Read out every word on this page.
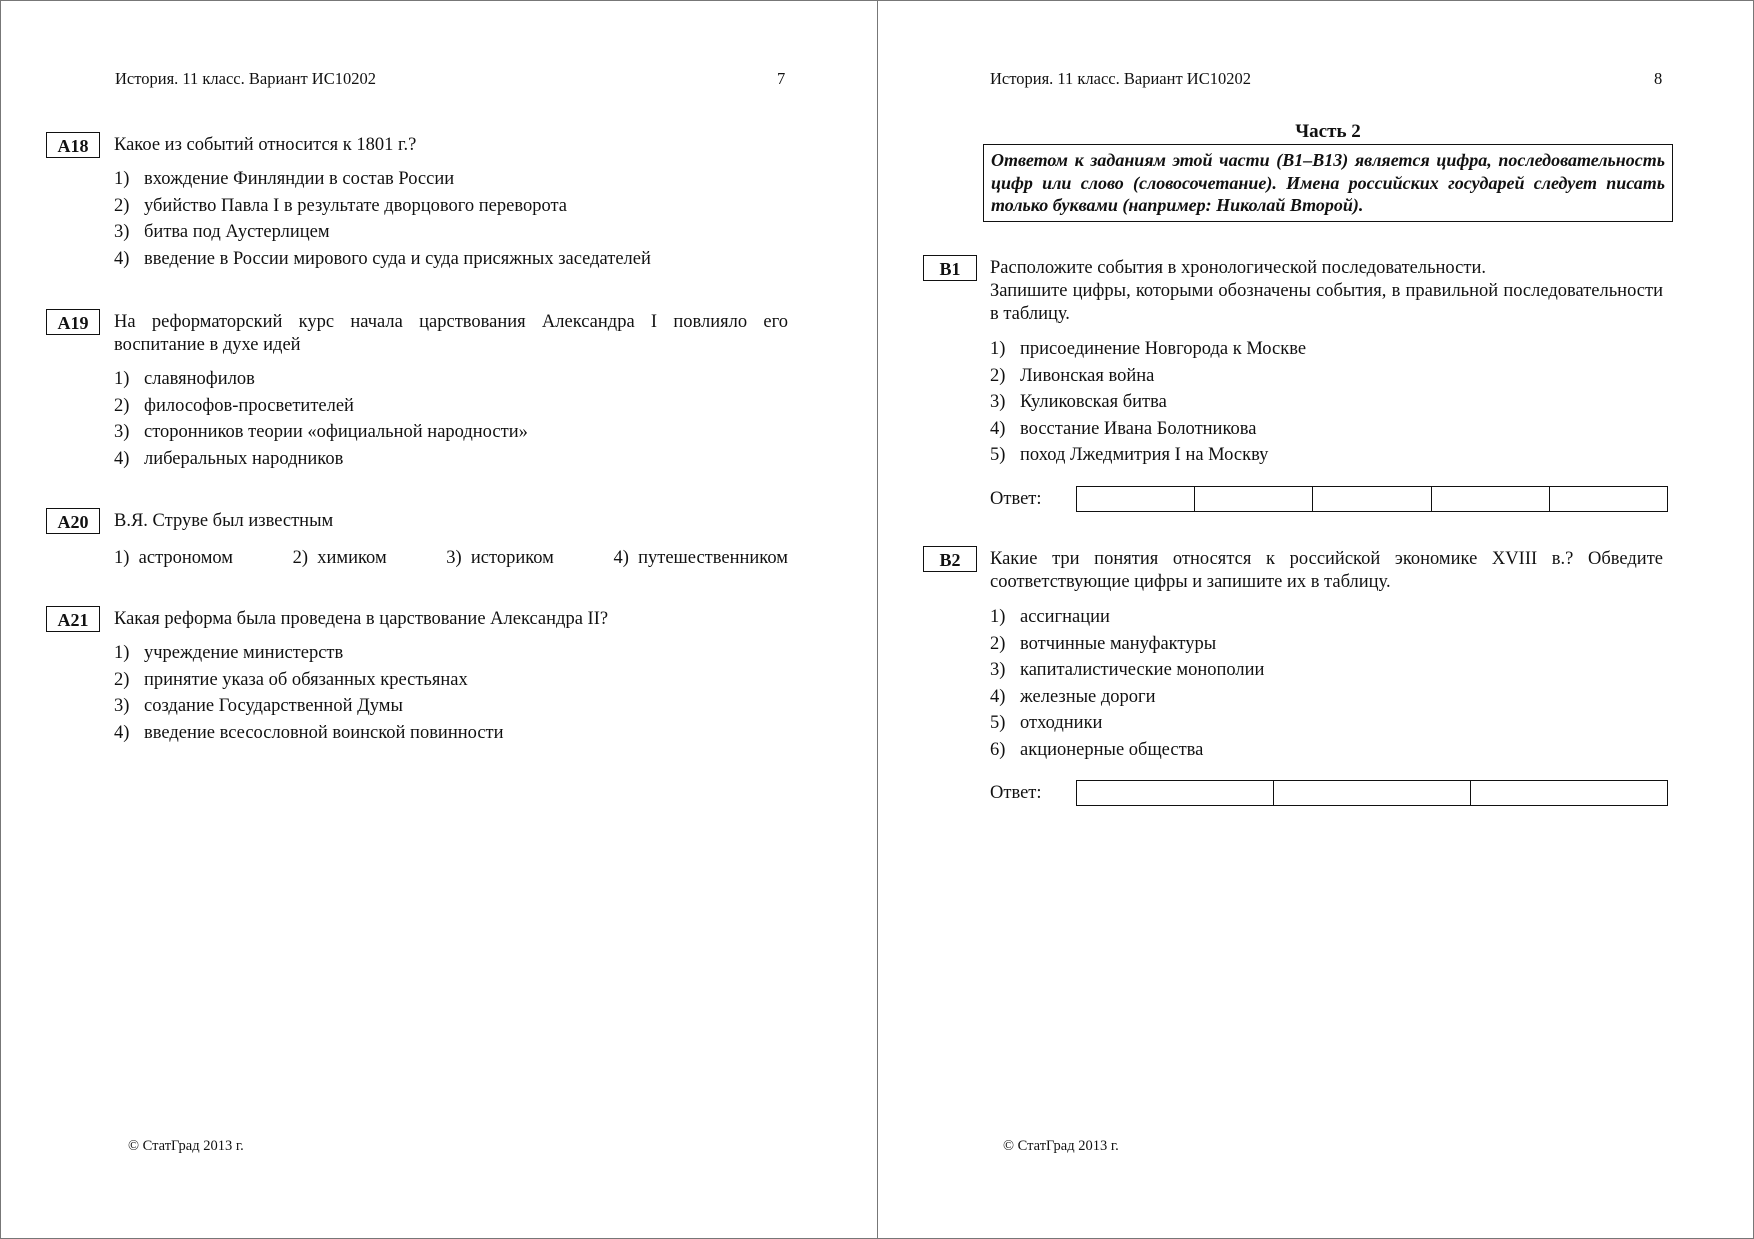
История. 11 класс. Вариант ИС10202	7
A18	Какое из событий относится к 1801 г.?
1) вхождение Финляндии в состав России
2) убийство Павла I в результате дворцового переворота
3) битва под Аустерлицем
4) введение в России мирового суда и суда присяжных заседателей
A19	На реформаторский курс начала царствования Александра I повлияло его воспитание в духе идей
1) славянофилов
2) философов-просветителей
3) сторонников теории «официальной народности»
4) либеральных народников
A20	В.Я. Струве был известным
1)  астрономом	2)  химиком	3)  историком	4)  путешественником
A21	Какая реформа была проведена в царствование Александра II?
1) учреждение министерств
2) принятие указа об обязанных крестьянах
3) создание Государственной Думы
4) введение всесословной воинской повинности
© СтатГрад 2013 г.
История. 11 класс. Вариант ИС10202	8
Часть 2
Ответом к заданиям этой части (В1–В13) является цифра, последовательность цифр или слово (словосочетание). Имена российских государей следует писать только буквами (например: Николай Второй).
B1	Расположите события в хронологической последовательности.
Запишите цифры, которыми обозначены события, в правильной последовательности в таблицу.
1) присоединение Новгорода к Москве
2) Ливонская война
3) Куликовская битва
4) восстание Ивана Болотникова
5) поход Лжедмитрия I на Москву
Ответ:
B2	Какие три понятия относятся к российской экономике XVIII в.? Обведите соответствующие цифры и запишите их в таблицу.
1) ассигнации
2) вотчинные мануфактуры
3) капиталистические монополии
4) железные дороги
5) отходники
6) акционерные общества
Ответ:
© СтатГрад 2013 г.
